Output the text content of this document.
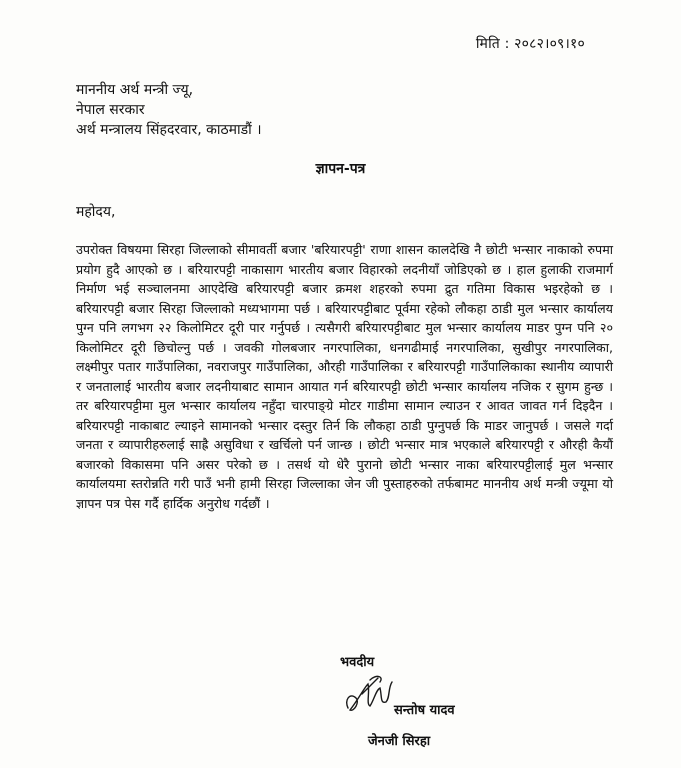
मिति : २०८२।०९।१०
माननीय अर्थ मन्त्री ज्यू,
नेपाल सरकार
अर्थ मन्त्रालय सिंहदरवार, काठमाडौं ।
ज्ञापन-पत्र
महोदय,
उपरोक्त विषयमा सिरहा जिल्लाको सीमावर्ती बजार 'बरियारपट्टी' राणा शासन कालदेखि नै छोटी भन्सार नाकाको रुपमा प्रयोग हुदै आएको छ । बरियारपट्टी नाकासाग भारतीय बजार विहारको लदनीयाँ जोडिएको छ । हाल हुलाकी राजमार्ग निर्माण भई सञ्चालनमा आएदेखि बरियारपट्टी बजार क्रमश शहरको रुपमा द्रुत गतिमा विकास भइरहेको छ । बरियारपट्टी बजार सिरहा जिल्लाको मध्यभागमा पर्छ । बरियारपट्टीबाट पूर्वमा रहेको लौकहा ठाडी मुल भन्सार कार्यालय पुग्न पनि लगभग २२ किलोमिटर दूरी पार गर्नुपर्छ । त्यसैगरी बरियारपट्टीबाट मुल भन्सार कार्यालय माडर पुग्न पनि २० किलोमिटर दूरी छिचोल्नु पर्छ । जवकी गोलबजार नगरपालिका, धनगढीमाई नगरपालिका, सुखीपुर नगरपालिका, लक्ष्मीपुर पतार गाउँपालिका, नवराजपुर गाउँपालिका, औरही गाउँपालिका र बरियारपट्टी गाउँपालिकाका स्थानीय व्यापारी र जनतालाई भारतीय बजार लदनीयाबाट सामान आयात गर्न बरियारपट्टी छोटी भन्सार कार्यालय नजिक र सुगम हुन्छ । तर बरियारपट्टीमा मुल भन्सार कार्यालय नहुँदा चारपाङ्ग्रे मोटर गाडीमा सामान ल्याउन र आवत जावत गर्न दिइदैन । बरियारपट्टी नाकाबाट ल्याइने सामानको भन्सार दस्तुर तिर्न कि लौकहा ठाडी पुग्नुपर्छ कि माडर जानुपर्छ । जसले गर्दा जनता र व्यापारीहरुलाई साह्रै असुविधा र खर्चिलो पर्न जान्छ । छोटी भन्सार मात्र भएकाले बरियारपट्टी र औरही कैयौं बजारको विकासमा पनि असर परेको छ । तसर्थ यो धेरै पुरानो छोटी भन्सार नाका बरियारपट्टीलाई मुल भन्सार कार्यालयमा स्तरोन्नति गरी पाउँ भनी हामी सिरहा जिल्लाका जेन जी पुस्ताहरुको तर्फबामट माननीय अर्थ मन्त्री ज्यूमा यो ज्ञापन पत्र पेस गर्दै हार्दिक अनुरोध गर्दछौं ।
भवदीय
सन्तोष यादव
जेनजी सिरहा
